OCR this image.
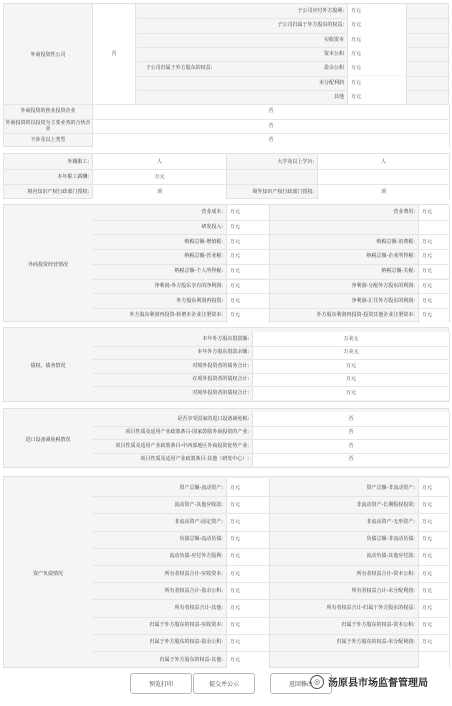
外商投资性公司	否
子公司归属于外方股东的权益:
子公司应付外方股利:	万元
子公司归属于外方股东的权益:	万元
实收资本	万元
资本公积	万元
盈余公积	万元
未分配利润	万元
其他	万元
外商投资的创业投资企业	否
外商投资的以投资为主要业务的合伙企业	否
不涉及以上类型	否
外籍职工:	人	大学及以上学历:	人
本年职工薪酬:	万元
境内知识产权行政部门授权:	项	境外知识产权行政部门授权:	项
外商投资经营情况
营业成本:	万元	营业费用:	万元
研发投入:	万元
纳税总额-增值税:	万元	纳税总额-消费税:	万元
纳税总额-营业税:	万元	纳税总额-企业所得税:	万元
纳税总额-个人所得税:	万元	纳税总额-关税:	万元
净利润-外方股东享有的净利润:	万元	净利润-分配外方股东的利润:	万元
外方股东利润再投资:	万元	净利润-汇往外方股东的利润:	万元
外方股东利润再投资-转增本企业注册资本:	万元	外方股东利润再投资-投资其他企业注册资本:	万元
债权、债务情况
本年外方股东借款额:	万美元
本年外方股东借款余额:	万美元
对境外投资者的债务合计:	万元
在境外投资者的债权合计:	万元
对境外投资者的债权合计:	万元
进口设备减免税情况
是否享受国家的进口设备减免税:	否
项目性质及适用产业政策条目-国家鼓励外商投资的产业:	否
项目性质及适用产业政策条目-中西部地区外商投资优势产业:	否
项目性质及适用产业政策条目-其他（研发中心）:	否
资产负债情况
资产总额-流动资产:	万元	资产总额-非流动资产:	万元
流动资产-其他应收款:	万元	非流动资产-长期股权投资:	万元
非流动资产-固定资产:	万元	非流动资产-无形资产:	万元
负债总额-流动负债:	万元	负债总额-非流动负债:	万元
流动负债-应付外方股利:	万元	流动负债-其他应付款:	万元
所有者权益合计-实收资本:	万元	所有者权益合计-资本公积:	万元
所有者权益合计-盈余公积:	万元	所有者权益合计-未分配利润:	万元
所有者权益合计-其他:	万元	所有者权益合计-归属于外方股东的权益:	万元
归属于外方股东的权益-实收资本:	万元	归属于外方股东的权益-资本公积:	万元
归属于外方股东的权益-盈余公积:	万元	归属于外方股东的权益-未分配利润:	万元
归属于外方股东的权益-其他:	万元
预览打印	提交并公示	返回修改 ◎ 汤原县市场监督管理局
